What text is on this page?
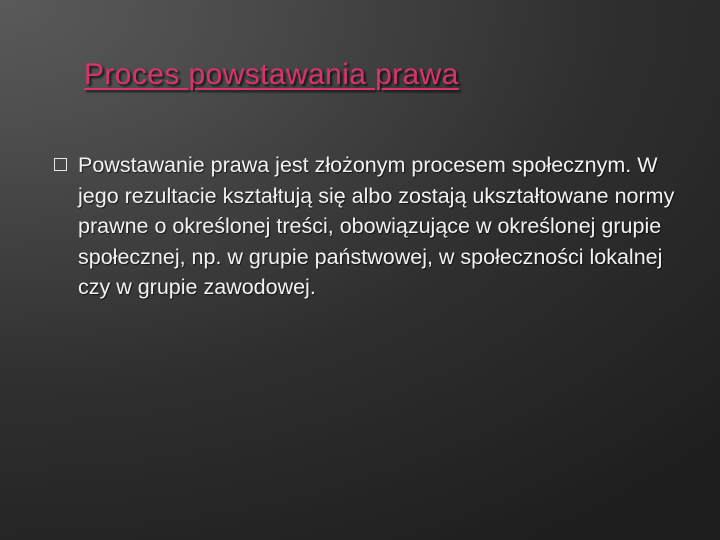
Proces powstawania prawa
Powstawanie prawa jest złożonym procesem społecznym. W jego rezultacie kształtują się albo zostają ukształtowane normy prawne o określonej treści, obowiązujące w określonej grupie społecznej, np. w grupie państwowej, w społeczności lokalnej czy w grupie zawodowej.
